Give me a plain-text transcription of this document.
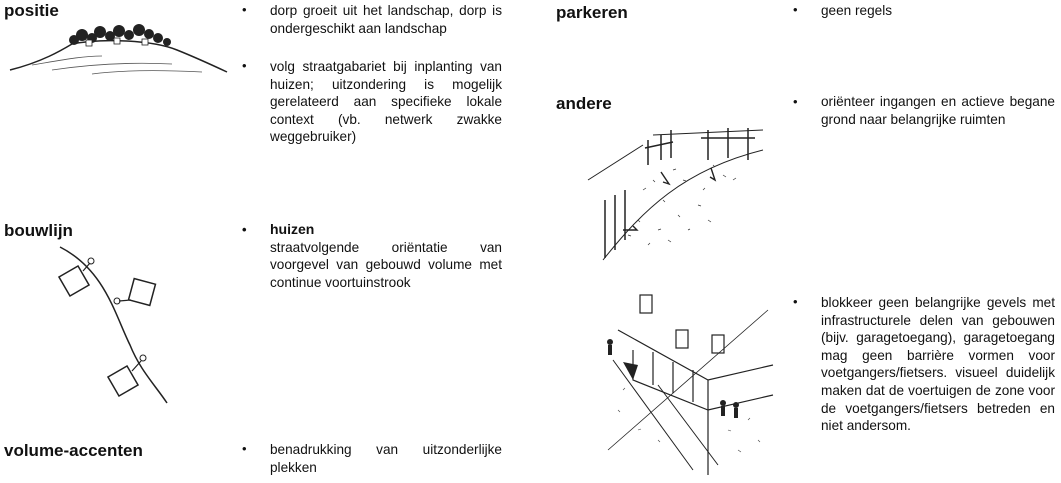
positie	•	dorp groeit uit het landschap, dorp is ondergeschikt aan landschap
•	volg straatgabariet bij inplanting van huizen; uitzondering is mogelijk gerelateerd aan specifieke lokale context (vb. netwerk zwakke weggebruiker)
bouwlijn	•	huizen
straatvolgende oriëntatie van voorgevel van gebouwd volume met continue voortuinstrook
volume-accenten	•	benadrukking van uitzonderlijke plekken
parkeren	•	geen regels
andere	•	oriënteer ingangen en actieve begane grond naar belangrijke ruimten
•	blokkeer geen belangrijke gevels met infrastructurele delen van gebouwen (bijv. garagetoegang), garagetoegang mag geen barrière vormen voor voetgangers/fietsers. visueel duidelijk maken dat de voertuigen de zone voor de voetgangers/fietsers betreden en niet andersom.
